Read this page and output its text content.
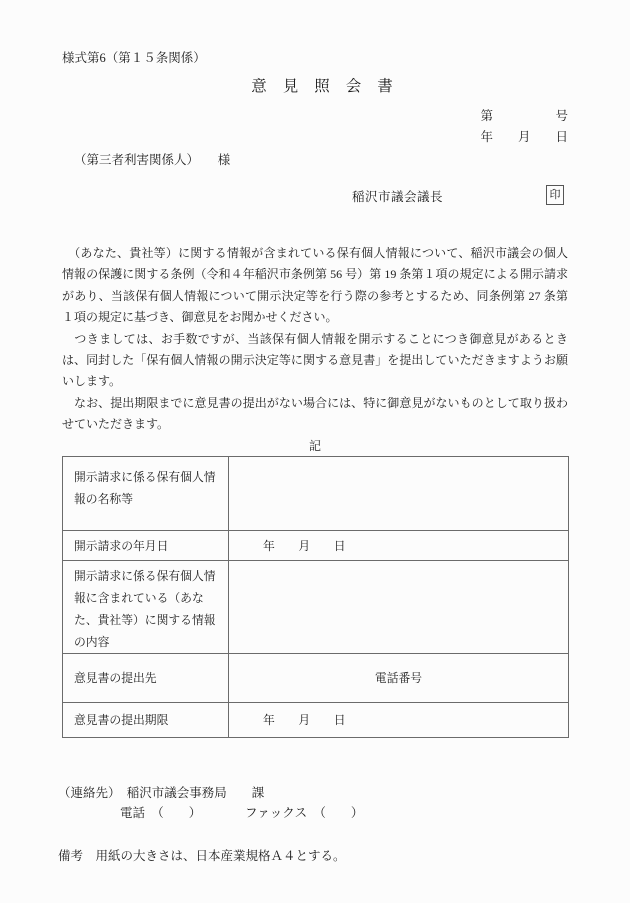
様式第6（第１５条関係）
意見照会書
第　　　　　号
年　　月　　日
（第三者利害関係人）　　様
稲沢市議会議長	印

　（あなた、貴社等）に関する情報が含まれている保有個人情報について、稲沢市議会の個人情報の保護に関する条例（令和４年稲沢市条例第 56 号）第 19 条第１項の規定による開示請求があり、当該保有個人情報について開示決定等を行う際の参考とするため、同条例第 27 条第１項の規定に基づき、御意見をお聞かせください。

　つきましては、お手数ですが、当該保有個人情報を開示することにつき御意見があるときは、同封した「保有個人情報の開示決定等に関する意見書」を提出していただきますようお願いします。

　なお、提出期限までに意見書の提出がない場合には、特に御意見がないものとして取り扱わせていただきます。

記
開示請求に係る保有個人情報の名称等	
開示請求の年月日	年　　月　　日
開示請求に係る保有個人情報に含まれている（あなた、貴社等）に関する情報の内容	
意見書の提出先	電話番号
意見書の提出期限	年　　月　　日
（連絡先）　稲沢市議会事務局　　課
電話　（　　）　　　　ファックス　（　　）
備考　用紙の大きさは、日本産業規格Ａ４とする。
